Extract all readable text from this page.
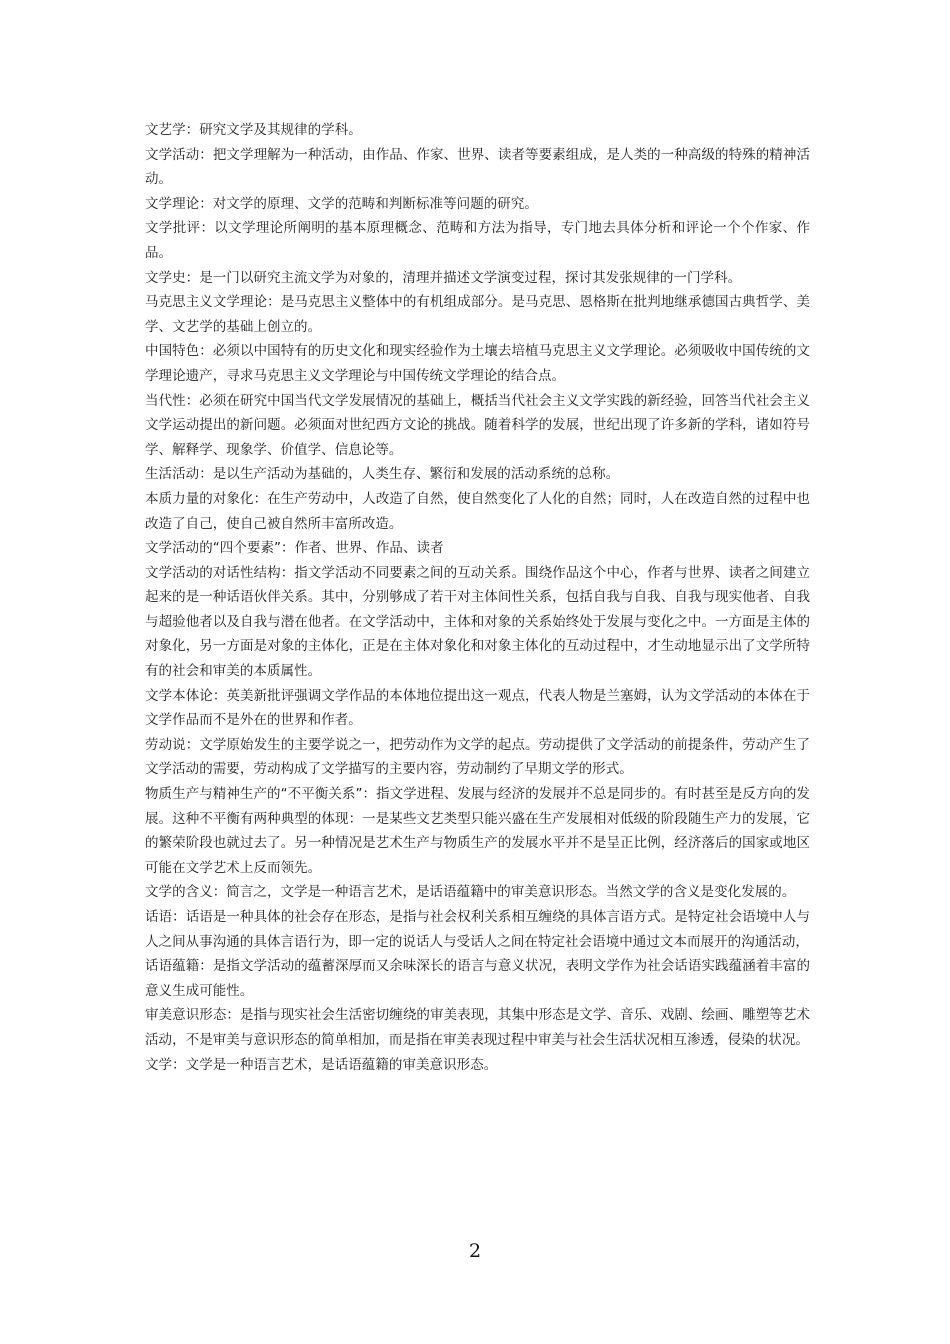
文艺学：研究文学及其规律的学科。

文学活动：把文学理解为一种活动，由作品、作家、世界、读者等要素组成，是人类的一种高级的特殊的精神活动。

文学理论：对文学的原理、文学的范畴和判断标准等问题的研究。

文学批评：以文学理论所阐明的基本原理概念、范畴和方法为指导，专门地去具体分析和评论一个个作家、作品。

文学史：是一门以研究主流文学为对象的，清理并描述文学演变过程，探讨其发张规律的一门学科。

马克思主义文学理论：是马克思主义整体中的有机组成部分。是马克思、恩格斯在批判地继承德国古典哲学、美学、文艺学的基础上创立的。

中国特色：必须以中国特有的历史文化和现实经验作为土壤去培植马克思主义文学理论。必须吸收中国传统的文学理论遗产，寻求马克思主义文学理论与中国传统文学理论的结合点。

当代性：必须在研究中国当代文学发展情况的基础上，概括当代社会主义文学实践的新经验，回答当代社会主义文学运动提出的新问题。必须面对世纪西方文论的挑战。随着科学的发展，世纪出现了许多新的学科，诸如符号学、解释学、现象学、价值学、信息论等。

生活活动：是以生产活动为基础的，人类生存、繁衍和发展的活动系统的总称。

本质力量的对象化：在生产劳动中，人改造了自然，使自然变化了人化的自然；同时，人在改造自然的过程中也改造了自己，使自己被自然所丰富所改造。

文学活动的“四个要素”：作者、世界、作品、读者

文学活动的对话性结构：指文学活动不同要素之间的互动关系。围绕作品这个中心，作者与世界、读者之间建立起来的是一种话语伙伴关系。其中，分别够成了若干对主体间性关系，包括自我与自我、自我与现实他者、自我与超验他者以及自我与潜在他者。在文学活动中，主体和对象的关系始终处于发展与变化之中。一方面是主体的对象化，另一方面是对象的主体化，正是在主体对象化和对象主体化的互动过程中，才生动地显示出了文学所特有的社会和审美的本质属性。

文学本体论：英美新批评强调文学作品的本体地位提出这一观点，代表人物是兰塞姆，认为文学活动的本体在于文学作品而不是外在的世界和作者。

劳动说：文学原始发生的主要学说之一，把劳动作为文学的起点。劳动提供了文学活动的前提条件，劳动产生了文学活动的需要，劳动构成了文学描写的主要内容，劳动制约了早期文学的形式。

物质生产与精神生产的“不平衡关系”：指文学进程、发展与经济的发展并不总是同步的。有时甚至是反方向的发展。这种不平衡有两种典型的体现：一是某些文艺类型只能兴盛在生产发展相对低级的阶段随生产力的发展，它的繁荣阶段也就过去了。另一种情况是艺术生产与物质生产的发展水平并不是呈正比例，经济落后的国家或地区可能在文学艺术上反而领先。

文学的含义：简言之，文学是一种语言艺术，是话语蕴籍中的审美意识形态。当然文学的含义是变化发展的。

话语：话语是一种具体的社会存在形态，是指与社会权利关系相互缠绕的具体言语方式。是特定社会语境中人与人之间从事沟通的具体言语行为，即一定的说话人与受话人之间在特定社会语境中通过文本而展开的沟通活动，

话语蕴籍：是指文学活动的蕴蓄深厚而又余味深长的语言与意义状况，表明文学作为社会话语实践蕴涵着丰富的意义生成可能性。

审美意识形态：是指与现实社会生活密切缠绕的审美表现，其集中形态是文学、音乐、戏剧、绘画、雕塑等艺术活动，不是审美与意识形态的简单相加，而是指在审美表现过程中审美与社会生活状况相互渗透，侵染的状况。

文学：文学是一种语言艺术，是话语蕴籍的审美意识形态。

2
